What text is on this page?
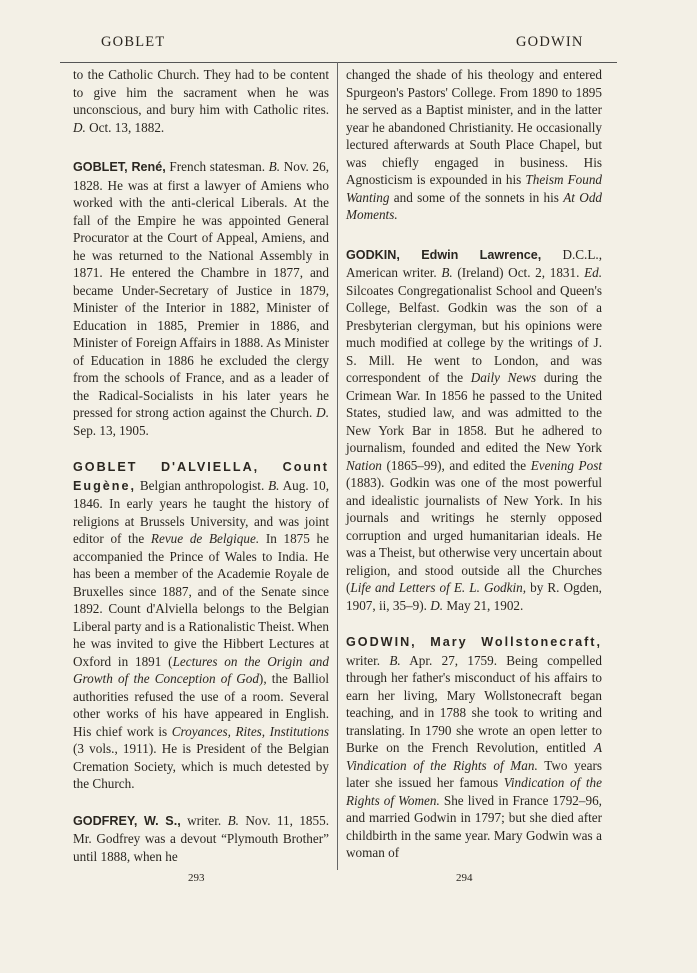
GOBLET	GODWIN

to the Catholic Church. They had to be content to give him the sacrament when he was unconscious, and bury him with Catholic rites. D. Oct. 13, 1882.

GOBLET, René, French statesman. B. Nov. 26, 1828. He was at first a lawyer of Amiens who worked with the anti-clerical Liberals. At the fall of the Empire he was appointed General Procurator at the Court of Appeal, Amiens, and he was returned to the National Assembly in 1871. He entered the Chambre in 1877, and became Under-Secretary of Justice in 1879, Minister of the Interior in 1882, Minister of Education in 1885, Premier in 1886, and Minister of Foreign Affairs in 1888. As Minister of Education in 1886 he excluded the clergy from the schools of France, and as a leader of the Radical-Socialists in his later years he pressed for strong action against the Church. D. Sep. 13, 1905.

GOBLET D'ALVIELLA, Count Eugène, Belgian anthropologist. B. Aug. 10, 1846. In early years he taught the history of religions at Brussels University, and was joint editor of the Revue de Belgique. In 1875 he accompanied the Prince of Wales to India. He has been a member of the Academie Royale de Bruxelles since 1887, and of the Senate since 1892. Count d'Alviella belongs to the Belgian Liberal party and is a Rationalistic Theist. When he was invited to give the Hibbert Lectures at Oxford in 1891 (Lectures on the Origin and Growth of the Conception of God), the Balliol authorities refused the use of a room. Several other works of his have appeared in English. His chief work is Croyances, Rites, Institutions (3 vols., 1911). He is President of the Belgian Cremation Society, which is much detested by the Church.

GODFREY, W. S., writer. B. Nov. 11, 1855. Mr. Godfrey was a devout “Plymouth Brother” until 1888, when he

changed the shade of his theology and entered Spurgeon's Pastors' College. From 1890 to 1895 he served as a Baptist minister, and in the latter year he abandoned Christianity. He occasionally lectured afterwards at South Place Chapel, but was chiefly engaged in business. His Agnosticism is expounded in his Theism Found Wanting and some of the sonnets in his At Odd Moments.

GODKIN, Edwin Lawrence, D.C.L., American writer. B. (Ireland) Oct. 2, 1831. Ed. Silcoates Congregationalist School and Queen's College, Belfast. Godkin was the son of a Presbyterian clergyman, but his opinions were much modified at college by the writings of J. S. Mill. He went to London, and was correspondent of the Daily News during the Crimean War. In 1856 he passed to the United States, studied law, and was admitted to the New York Bar in 1858. But he adhered to journalism, founded and edited the New York Nation (1865–99), and edited the Evening Post (1883). Godkin was one of the most powerful and idealistic journalists of New York. In his journals and writings he sternly opposed corruption and urged humanitarian ideals. He was a Theist, but otherwise very uncertain about religion, and stood outside all the Churches (Life and Letters of E. L. Godkin, by R. Ogden, 1907, ii, 35–9). D. May 21, 1902.

GODWIN, Mary Wollstonecraft, writer. B. Apr. 27, 1759. Being compelled through her father's misconduct of his affairs to earn her living, Mary Wollstonecraft began teaching, and in 1788 she took to writing and translating. In 1790 she wrote an open letter to Burke on the French Revolution, entitled A Vindication of the Rights of Man. Two years later she issued her famous Vindication of the Rights of Women. She lived in France 1792–96, and married Godwin in 1797; but she died after childbirth in the same year. Mary Godwin was a woman of

293	294
